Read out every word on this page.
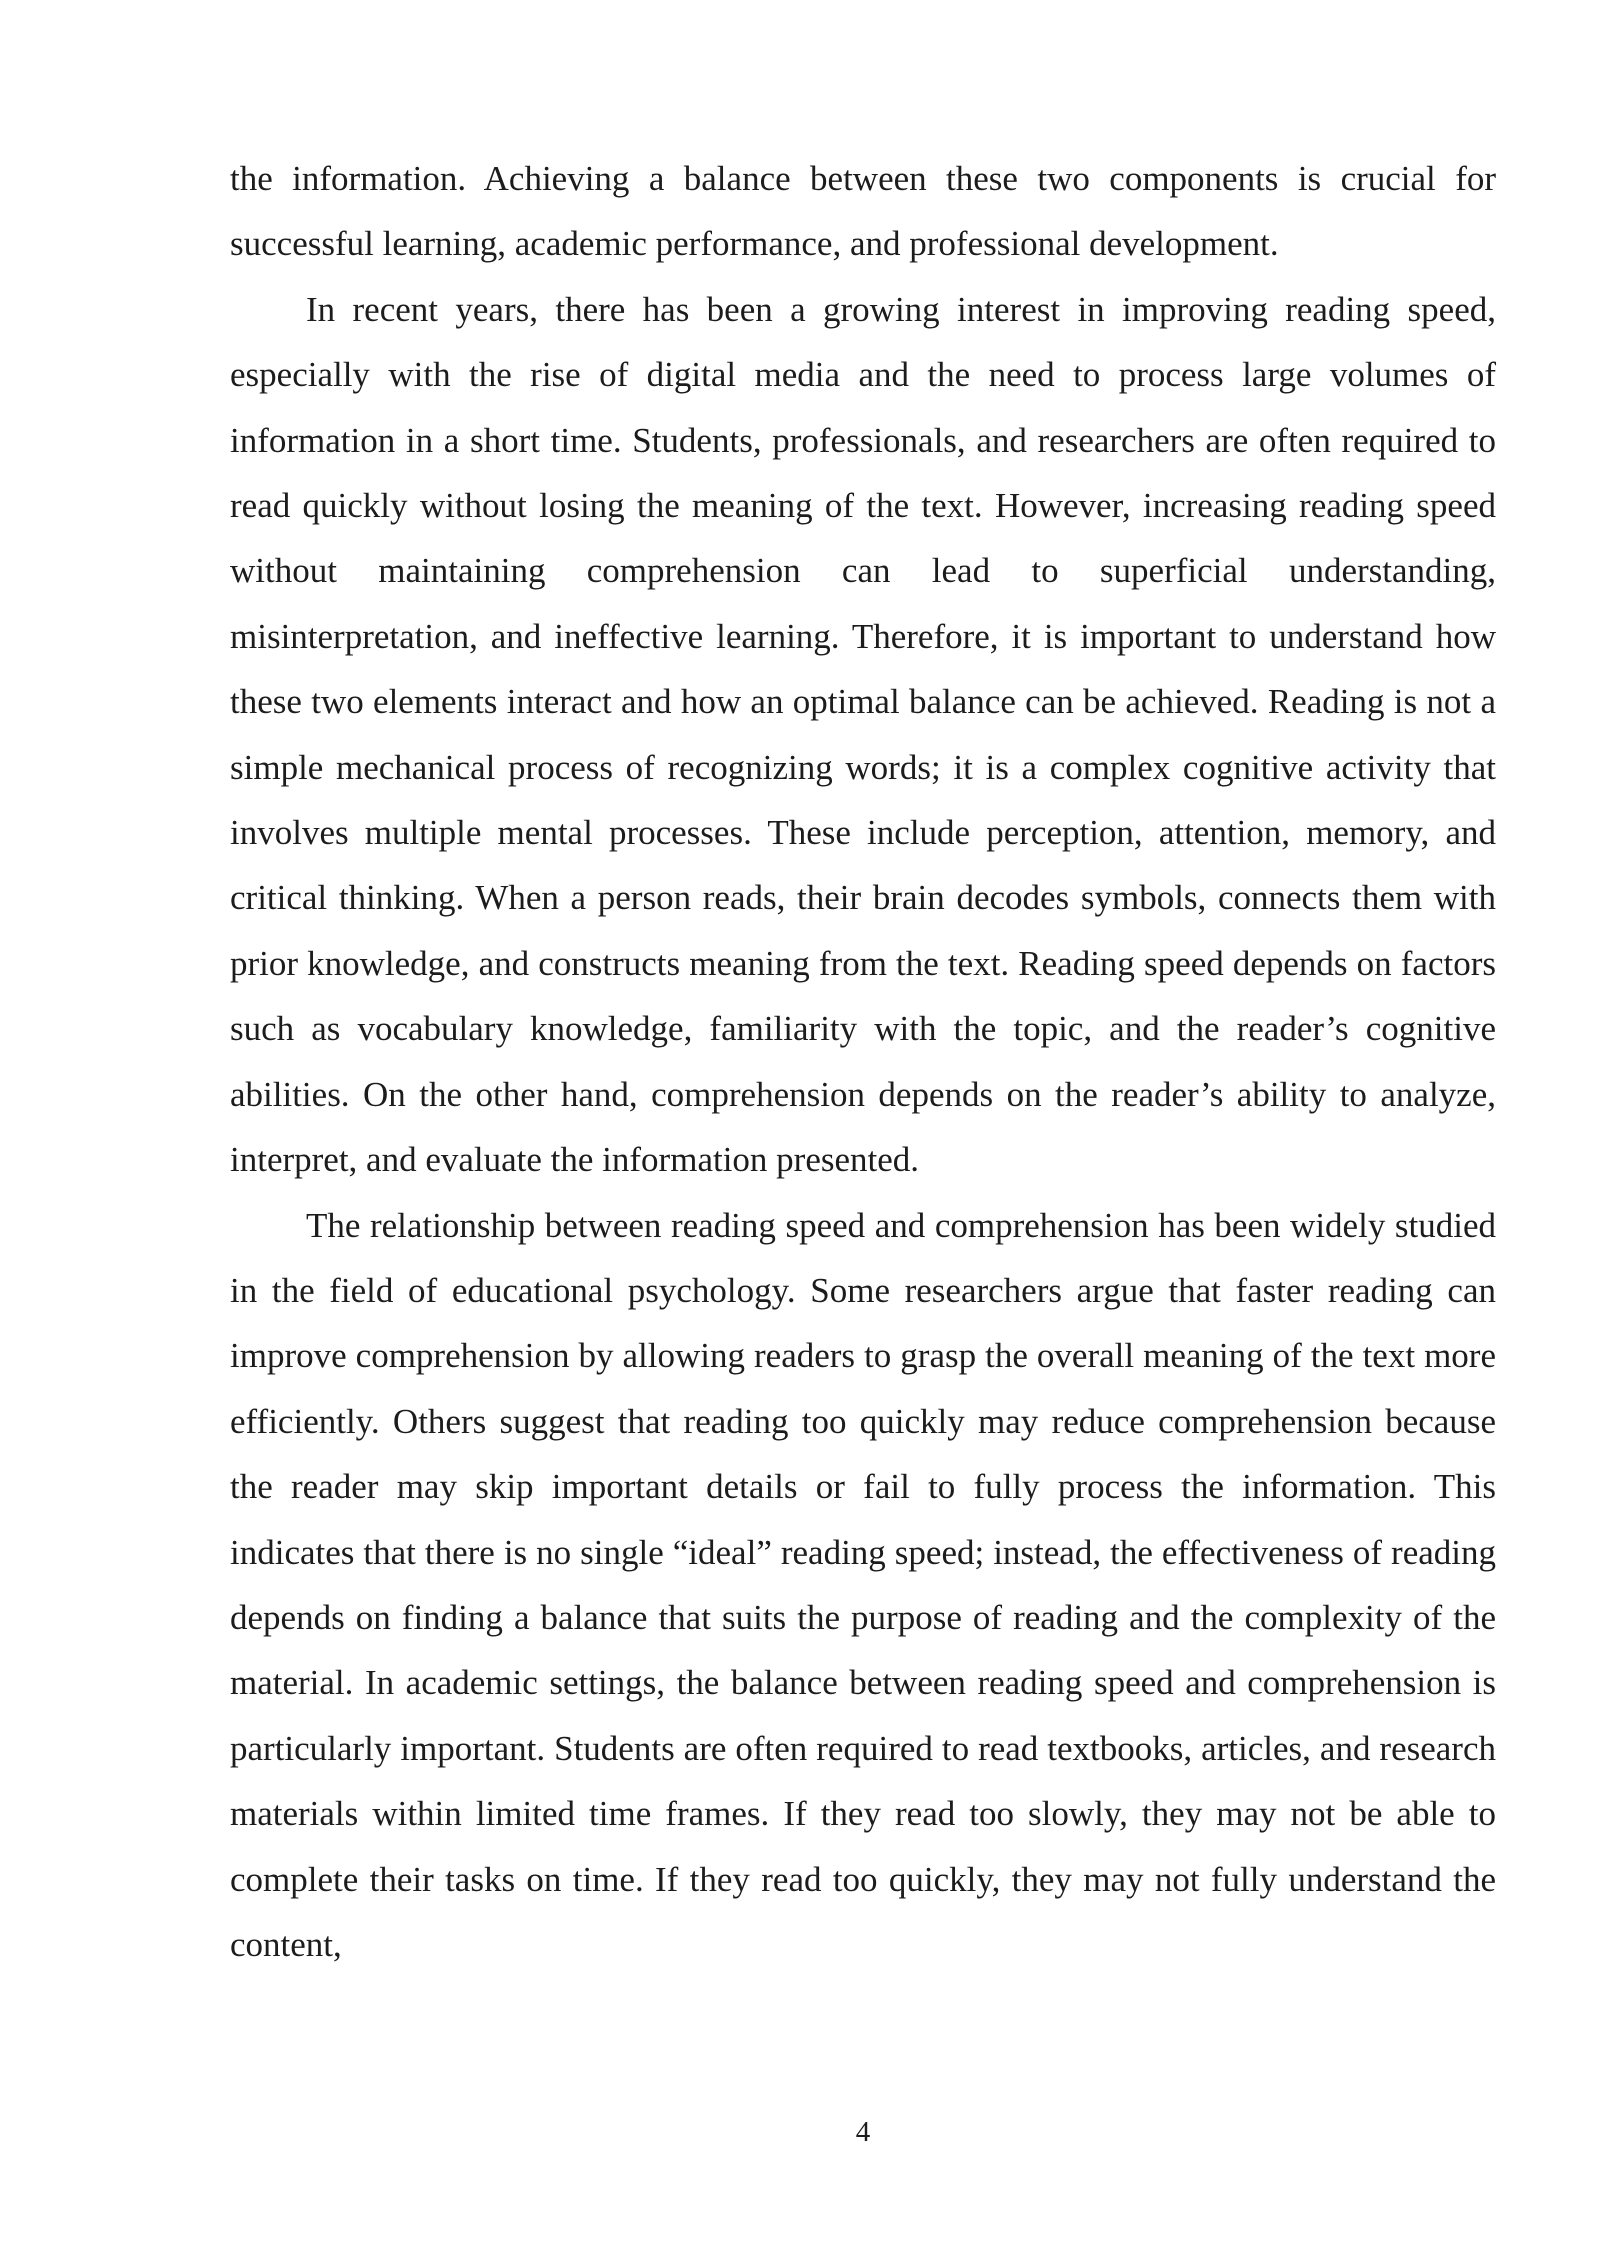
the information. Achieving a balance between these two components is crucial for successful learning, academic performance, and professional development.

In recent years, there has been a growing interest in improving reading speed, especially with the rise of digital media and the need to process large volumes of information in a short time. Students, professionals, and researchers are often required to read quickly without losing the meaning of the text. However, increasing reading speed without maintaining comprehension can lead to superficial understanding, misinterpretation, and ineffective learning. Therefore, it is important to understand how these two elements interact and how an optimal balance can be achieved. Reading is not a simple mechanical process of recognizing words; it is a complex cognitive activity that involves multiple mental processes. These include perception, attention, memory, and critical thinking. When a person reads, their brain decodes symbols, connects them with prior knowledge, and constructs meaning from the text. Reading speed depends on factors such as vocabulary knowledge, familiarity with the topic, and the reader’s cognitive abilities. On the other hand, comprehension depends on the reader’s ability to analyze, interpret, and evaluate the information presented.

The relationship between reading speed and comprehension has been widely studied in the field of educational psychology. Some researchers argue that faster reading can improve comprehension by allowing readers to grasp the overall meaning of the text more efficiently. Others suggest that reading too quickly may reduce comprehension because the reader may skip important details or fail to fully process the information. This indicates that there is no single “ideal” reading speed; instead, the effectiveness of reading depends on finding a balance that suits the purpose of reading and the complexity of the material. In academic settings, the balance between reading speed and comprehension is particularly important. Students are often required to read textbooks, articles, and research materials within limited time frames. If they read too slowly, they may not be able to complete their tasks on time. If they read too quickly, they may not fully understand the content,

4
